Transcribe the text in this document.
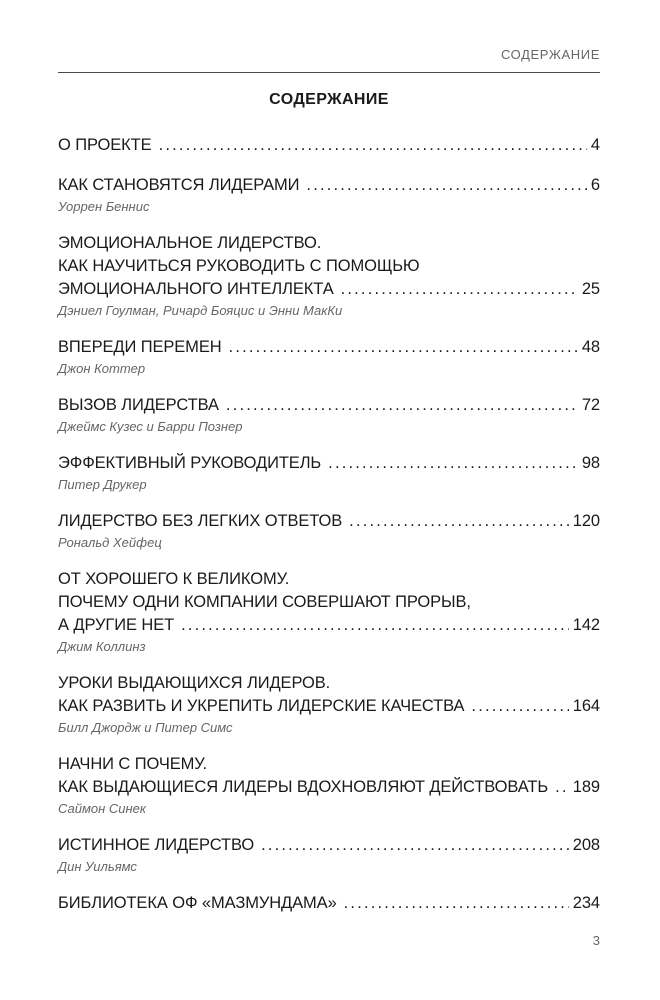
СОДЕРЖАНИЕ
СОДЕРЖАНИЕ
О ПРОЕКТЕ . . .	4
КАК СТАНОВЯТСЯ ЛИДЕРАМИ . . .	6
Уоррен Беннис
ЭМОЦИОНАЛЬНОЕ ЛИДЕРСТВО.
КАК НАУЧИТЬСЯ РУКОВОДИТЬ С ПОМОЩЬЮ
ЭМОЦИОНАЛЬНОГО ИНТЕЛЛЕКТА . . .	25
Дэниел Гоулман, Ричард Бояцис и Энни МакКи
ВПЕРЕДИ ПЕРЕМЕН . . .	48
Джон Коттер
ВЫЗОВ ЛИДЕРСТВА . . .	72
Джеймс Кузес и Барри Познер
ЭФФЕКТИВНЫЙ РУКОВОДИТЕЛЬ . . .	98
Питер Друкер
ЛИДЕРСТВО БЕЗ ЛЕГКИХ ОТВЕТОВ . . .	120
Рональд Хейфец
ОТ ХОРОШЕГО К ВЕЛИКОМУ.
ПОЧЕМУ ОДНИ КОМПАНИИ СОВЕРШАЮТ ПРОРЫВ,
А ДРУГИЕ НЕТ . . .	142
Джим Коллинз
УРОКИ ВЫДАЮЩИХСЯ ЛИДЕРОВ.
КАК РАЗВИТЬ И УКРЕПИТЬ ЛИДЕРСКИЕ КАЧЕСТВА . . .	164
Билл Джордж и Питер Симс
НАЧНИ С ПОЧЕМУ.
КАК ВЫДАЮЩИЕСЯ ЛИДЕРЫ ВДОХНОВЛЯЮТ ДЕЙСТВОВАТЬ . . . 189
Саймон Синек
ИСТИННОЕ ЛИДЕРСТВО . . .	208
Дин Уильямс
БИБЛИОТЕКА ОФ «МАЗМУНДАМА» . . .	234
3
